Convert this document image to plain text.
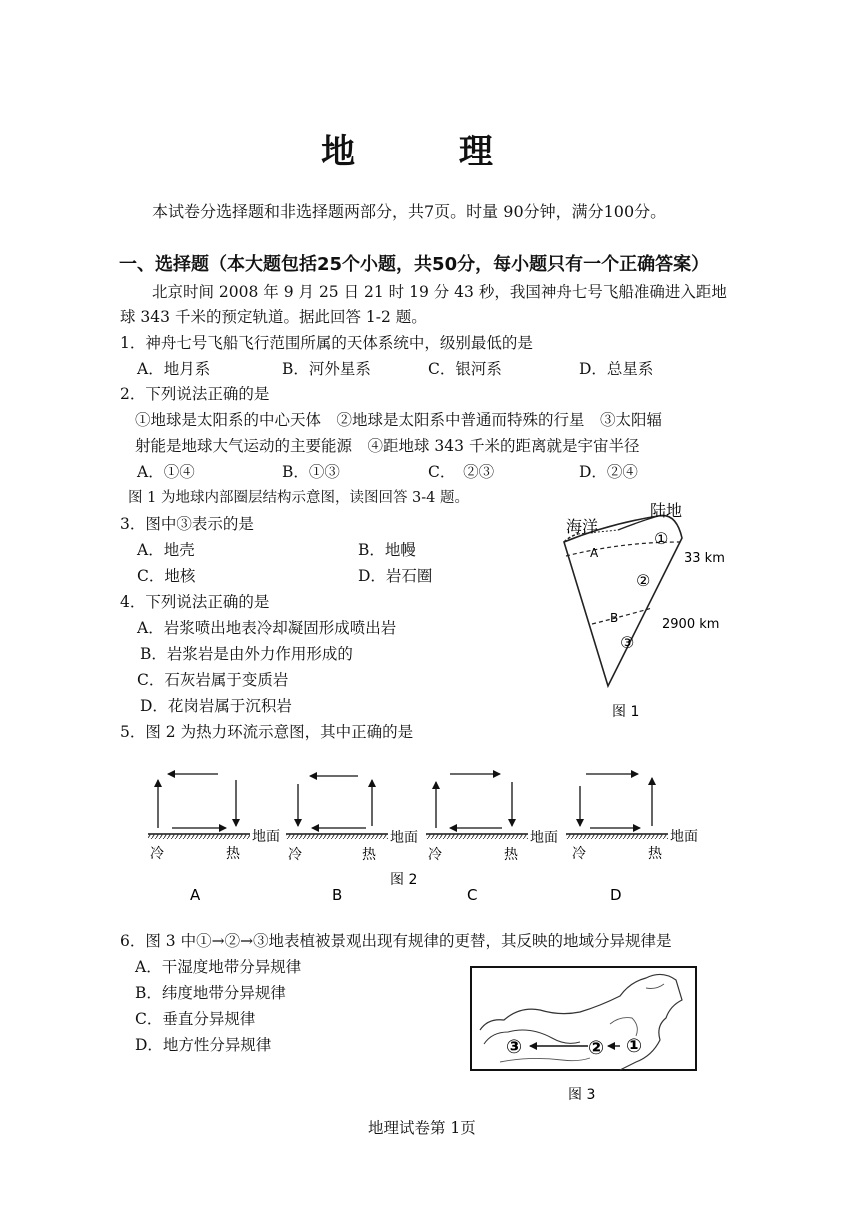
地 理
本试卷分选择题和非选择题两部分，共7页。时量 90分钟，满分100分。
一、选择题（本大题包括25个小题，共50分，每小题只有一个正确答案）
北京时间 2008 年 9 月 25 日 21 时 19 分 43 秒，我国神舟七号飞船准确进入距地
球 343 千米的预定轨道。据此回答 1-2 题。
1．神舟七号飞船飞行范围所属的天体系统中，级别最低的是
A．地月系	B．河外星系	C．银河系	D．总星系
2．下列说法正确的是
①地球是太阳系的中心天体　②地球是太阳系中普通而特殊的行星　③太阳辐
射能是地球大气运动的主要能源　④距地球 343 千米的距离就是宇宙半径
A．①④	B．①③	C．　②③	D．②④
图 1 为地球内部圈层结构示意图，读图回答 3-4 题。
3．图中③表示的是
A．地壳	B．地幔
C．地核	D．岩石圈
4．下列说法正确的是
A．岩浆喷出地表冷却凝固形成喷出岩
B．岩浆岩是由外力作用形成的
C．石灰岩属于变质岩
D．花岗岩属于沉积岩
5．图 2 为热力环流示意图，其中正确的是
海洋
陆地
①
②
③
A
B
33 km
2900 km
图 1
地面	地面	地面	地面
冷	热	冷	热	冷	热	冷	热
图 2
A	B	C	D
6．图 3 中①→②→③地表植被景观出现有规律的更替，其反映的地域分异规律是
A．干湿度地带分异规律
B．纬度地带分异规律
C．垂直分异规律
D．地方性分异规律	③	② ①
图 3
地理试卷第 1页
